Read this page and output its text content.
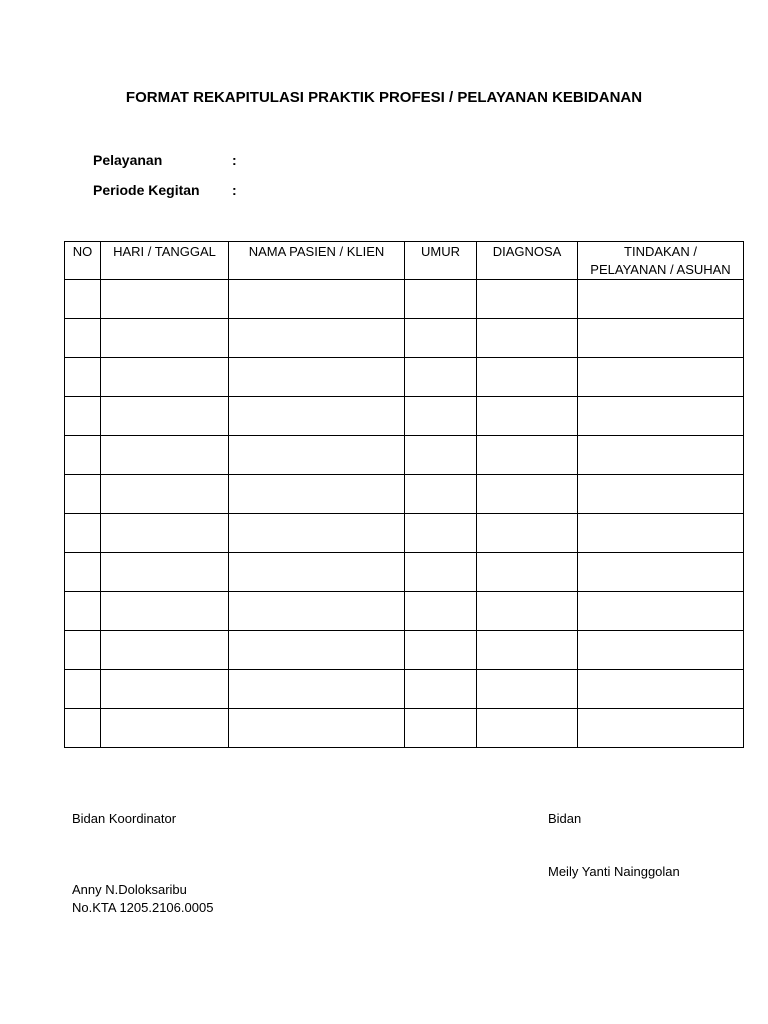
FORMAT REKAPITULASI PRAKTIK PROFESI / PELAYANAN KEBIDANAN
Pelayanan	:
Periode Kegitan :
NO	HARI / TANGGAL	NAMA PASIEN / KLIEN	UMUR	DIAGNOSA	TINDAKAN /
PELAYANAN / ASUHAN

Bidan Koordinator	Bidan
Meily Yanti Nainggolan
Anny N.Doloksaribu
No.KTA 1205.2106.0005
